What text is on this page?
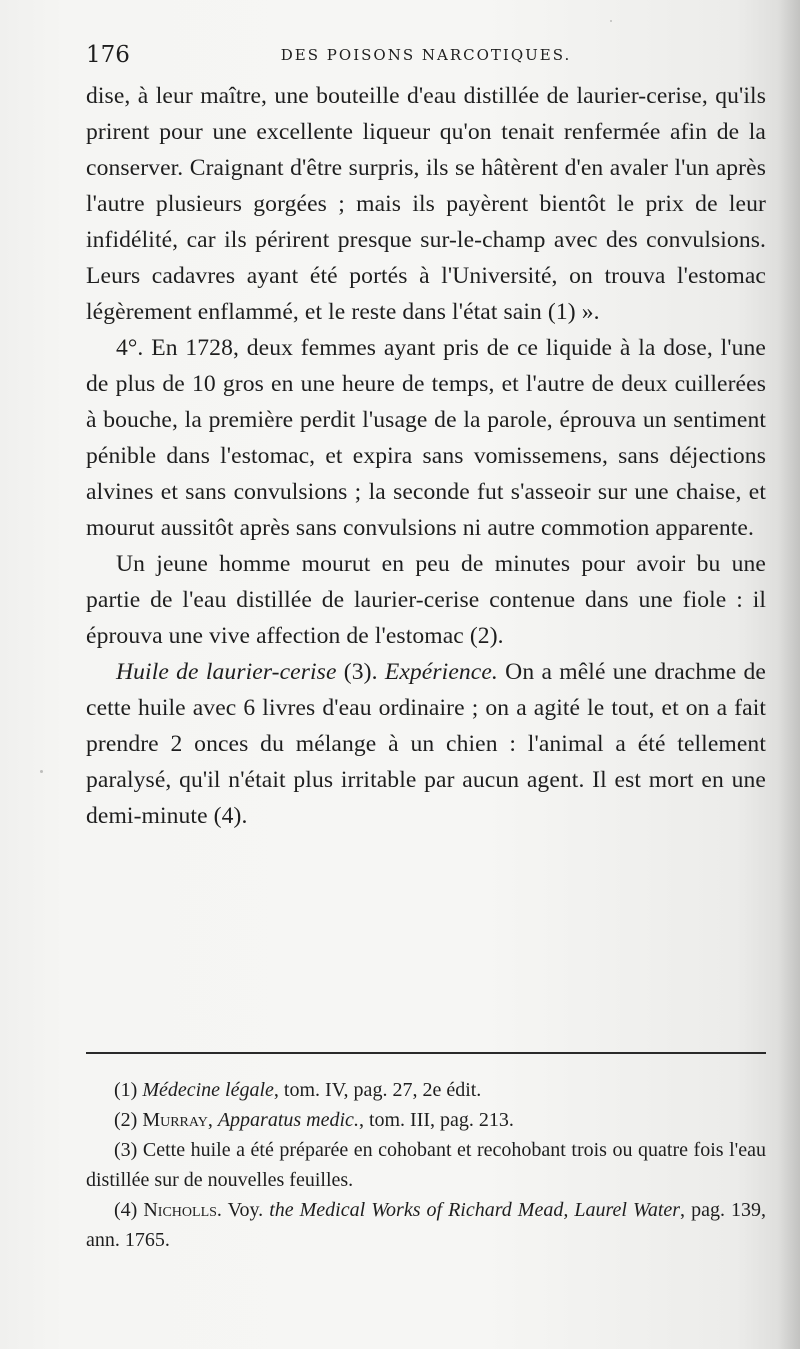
176	DES POISONS NARCOTIQUES.

dise, à leur maître, une bouteille d'eau distillée de laurier-cerise, qu'ils prirent pour une excellente liqueur qu'on tenait renfermée afin de la conserver. Craignant d'être surpris, ils se hâtèrent d'en avaler l'un après l'autre plusieurs gorgées ; mais ils payèrent bientôt le prix de leur infidélité, car ils périrent presque sur-le-champ avec des convulsions. Leurs cadavres ayant été portés à l'Université, on trouva l'estomac légèrement enflammé, et le reste dans l'état sain (1) ».

4°. En 1728, deux femmes ayant pris de ce liquide à la dose, l'une de plus de 10 gros en une heure de temps, et l'autre de deux cuillerées à bouche, la première perdit l'usage de la parole, éprouva un sentiment pénible dans l'estomac, et expira sans vomissemens, sans déjections alvines et sans convulsions ; la seconde fut s'asseoir sur une chaise, et mourut aussitôt après sans convulsions ni autre commotion apparente.

Un jeune homme mourut en peu de minutes pour avoir bu une partie de l'eau distillée de laurier-cerise contenue dans une fiole : il éprouva une vive affection de l'estomac (2).

Huile de laurier-cerise (3). Expérience. On a mêlé une drachme de cette huile avec 6 livres d'eau ordinaire ; on a agité le tout, et on a fait prendre 2 onces du mélange à un chien : l'animal a été tellement paralysé, qu'il n'était plus irritable par aucun agent. Il est mort en une demi-minute (4).

(1) Médecine légale, tom. IV, pag. 27, 2e édit.

(2) Murray, Apparatus medic., tom. III, pag. 213.

(3) Cette huile a été préparée en cohobant et recohobant trois ou quatre fois l'eau distillée sur de nouvelles feuilles.

(4) Nicholls. Voy. the Medical Works of Richard Mead, Laurel Water, pag. 139, ann. 1765.
